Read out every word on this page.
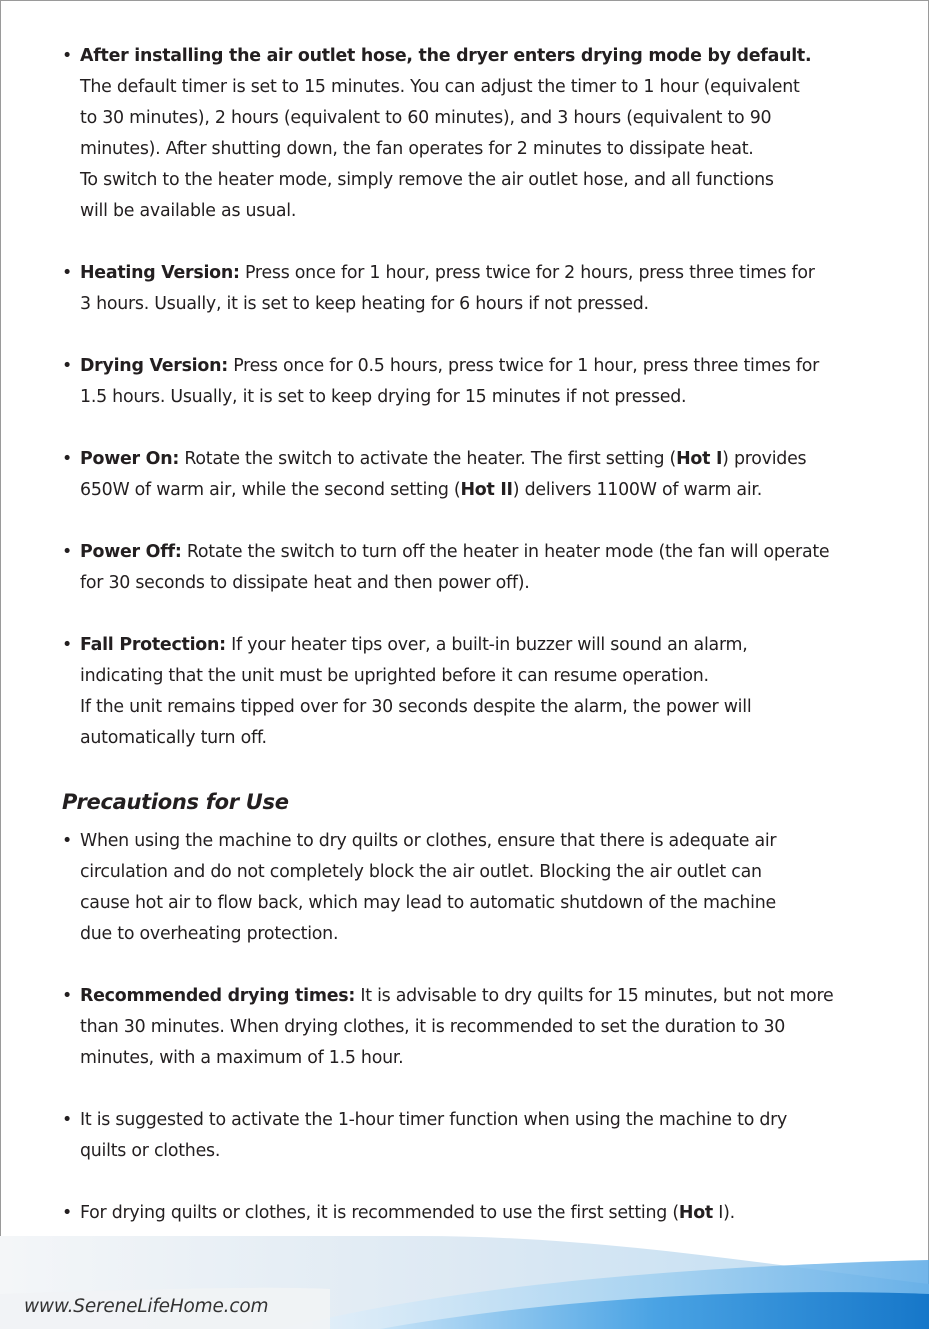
• After installing the air outlet hose, the dryer enters drying mode by default.
The default timer is set to 15 minutes. You can adjust the timer to 1 hour (equivalent
to 30 minutes), 2 hours (equivalent to 60 minutes), and 3 hours (equivalent to 90
minutes). After shutting down, the fan operates for 2 minutes to dissipate heat.
To switch to the heater mode, simply remove the air outlet hose, and all functions
will be available as usual.
• Heating Version: Press once for 1 hour, press twice for 2 hours, press three times for
3 hours. Usually, it is set to keep heating for 6 hours if not pressed.
• Drying Version: Press once for 0.5 hours, press twice for 1 hour, press three times for
1.5 hours. Usually, it is set to keep drying for 15 minutes if not pressed.
• Power On: Rotate the switch to activate the heater. The first setting (Hot I) provides
650W of warm air, while the second setting (Hot II) delivers 1100W of warm air.
• Power Off: Rotate the switch to turn off the heater in heater mode (the fan will operate
for 30 seconds to dissipate heat and then power off).
• Fall Protection: If your heater tips over, a built-in buzzer will sound an alarm,
indicating that the unit must be uprighted before it can resume operation.
If the unit remains tipped over for 30 seconds despite the alarm, the power will
automatically turn off.
Precautions for Use
• When using the machine to dry quilts or clothes, ensure that there is adequate air
circulation and do not completely block the air outlet. Blocking the air outlet can
cause hot air to flow back, which may lead to automatic shutdown of the machine
due to overheating protection.
• Recommended drying times: It is advisable to dry quilts for 15 minutes, but not more
than 30 minutes. When drying clothes, it is recommended to set the duration to 30
minutes, with a maximum of 1.5 hour.
• It is suggested to activate the 1-hour timer function when using the machine to dry
quilts or clothes.
• For drying quilts or clothes, it is recommended to use the first setting (Hot I).
www.SereneLifeHome.com
